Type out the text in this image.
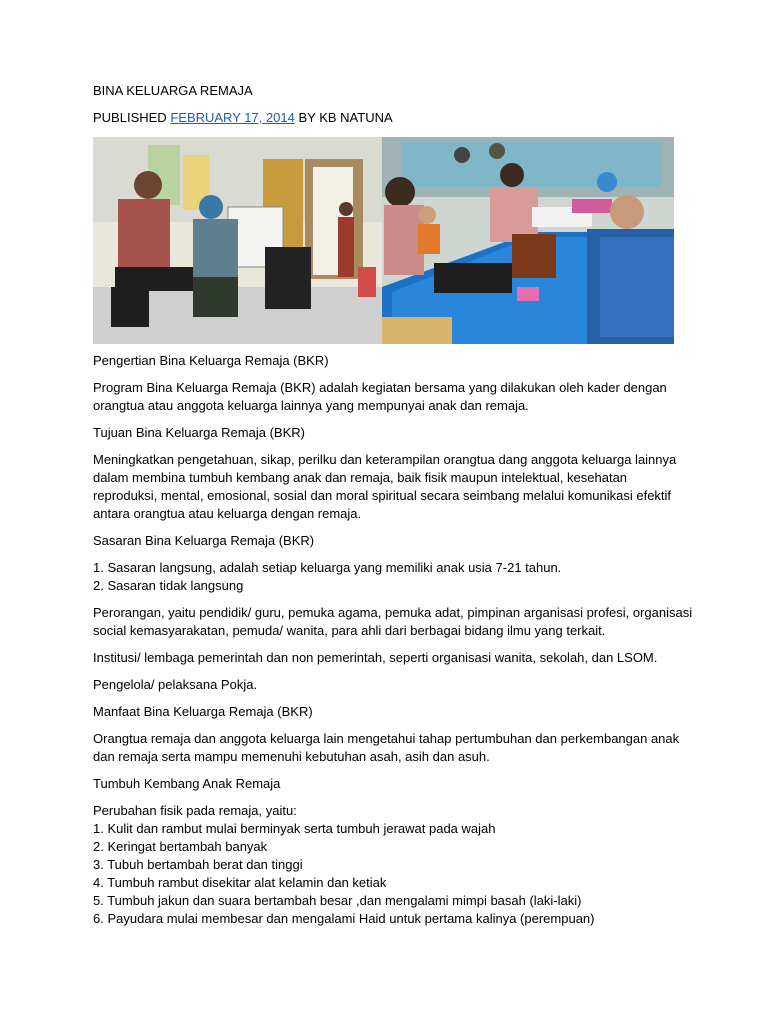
BINA KELUARGA REMAJA

PUBLISHED FEBRUARY 17, 2014 BY KB NATUNA

Pengertian Bina Keluarga Remaja (BKR)

Program Bina Keluarga Remaja (BKR) adalah kegiatan bersama yang dilakukan oleh kader dengan orangtua atau anggota keluarga lainnya yang mempunyai anak dan remaja.

Tujuan Bina Keluarga Remaja (BKR)

Meningkatkan pengetahuan, sikap, perilku dan keterampilan orangtua dang anggota keluarga lainnya dalam membina tumbuh kembang anak dan remaja, baik fisik maupun intelektual, kesehatan reproduksi, mental, emosional, sosial dan moral spiritual secara seimbang melalui komunikasi efektif antara orangtua atau keluarga dengan remaja.

Sasaran Bina Keluarga Remaja (BKR)

1. Sasaran langsung, adalah setiap keluarga yang memiliki anak usia 7-21 tahun.

2. Sasaran tidak langsung

Perorangan, yaitu pendidik/ guru, pemuka agama, pemuka adat, pimpinan arganisasi profesi, organisasi social kemasyarakatan, pemuda/ wanita, para ahli dari berbagai bidang ilmu yang terkait.

Institusi/ lembaga pemerintah dan non pemerintah, seperti organisasi wanita, sekolah, dan LSOM.

Pengelola/ pelaksana Pokja.

Manfaat Bina Keluarga Remaja (BKR)

Orangtua remaja dan anggota keluarga lain mengetahui tahap pertumbuhan dan perkembangan anak dan remaja serta mampu memenuhi kebutuhan asah, asih dan asuh.

Tumbuh Kembang Anak Remaja

Perubahan fisik pada remaja, yaitu:

1. Kulit dan rambut mulai berminyak serta tumbuh jerawat pada wajah

2. Keringat bertambah banyak

3. Tubuh bertambah berat dan tinggi

4. Tumbuh rambut disekitar alat kelamin dan ketiak

5. Tumbuh jakun dan suara bertambah besar ,dan mengalami mimpi basah (laki-laki)

6. Payudara mulai membesar dan mengalami Haid untuk pertama kalinya (perempuan)
